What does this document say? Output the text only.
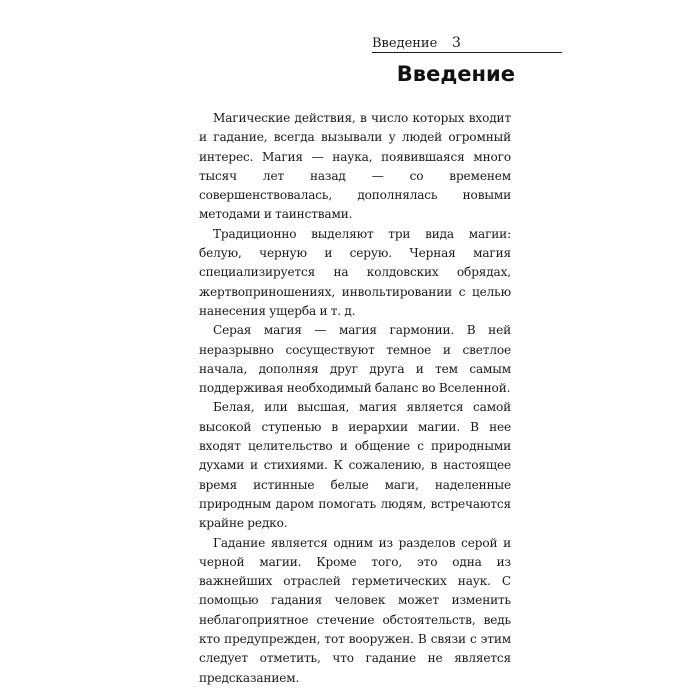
Введение 3
Введение

Магические действия, в число которых входит и гадание, всегда вызывали у людей огромный интерес. Магия — наука, появившаяся много тысяч лет назад — со временем совершенствовалась, дополнялась новыми методами и таинствами.

Традиционно выделяют три вида магии: белую, черную и серую. Черная магия специализируется на колдовских обрядах, жертвоприношениях, инвольтировании с целью нанесения ущерба и т. д.

Серая магия — магия гармонии. В ней неразрывно сосуществуют темное и светлое начала, дополняя друг друга и тем самым поддерживая необходимый баланс во Вселенной.

Белая, или высшая, магия является самой высокой ступенью в иерархии магии. В нее входят целительство и общение с природными духами и стихиями. К сожалению, в настоящее время истинные белые маги, наделенные природным даром помогать людям, встречаются крайне редко.

Гадание является одним из разделов серой и черной магии. Кроме того, это одна из важнейших отраслей герметических наук. С помощью гадания человек может изменить неблагоприятное стечение обстоятельств, ведь кто предупрежден, тот вооружен. В связи с этим следует отметить, что гадание не является предсказанием.
